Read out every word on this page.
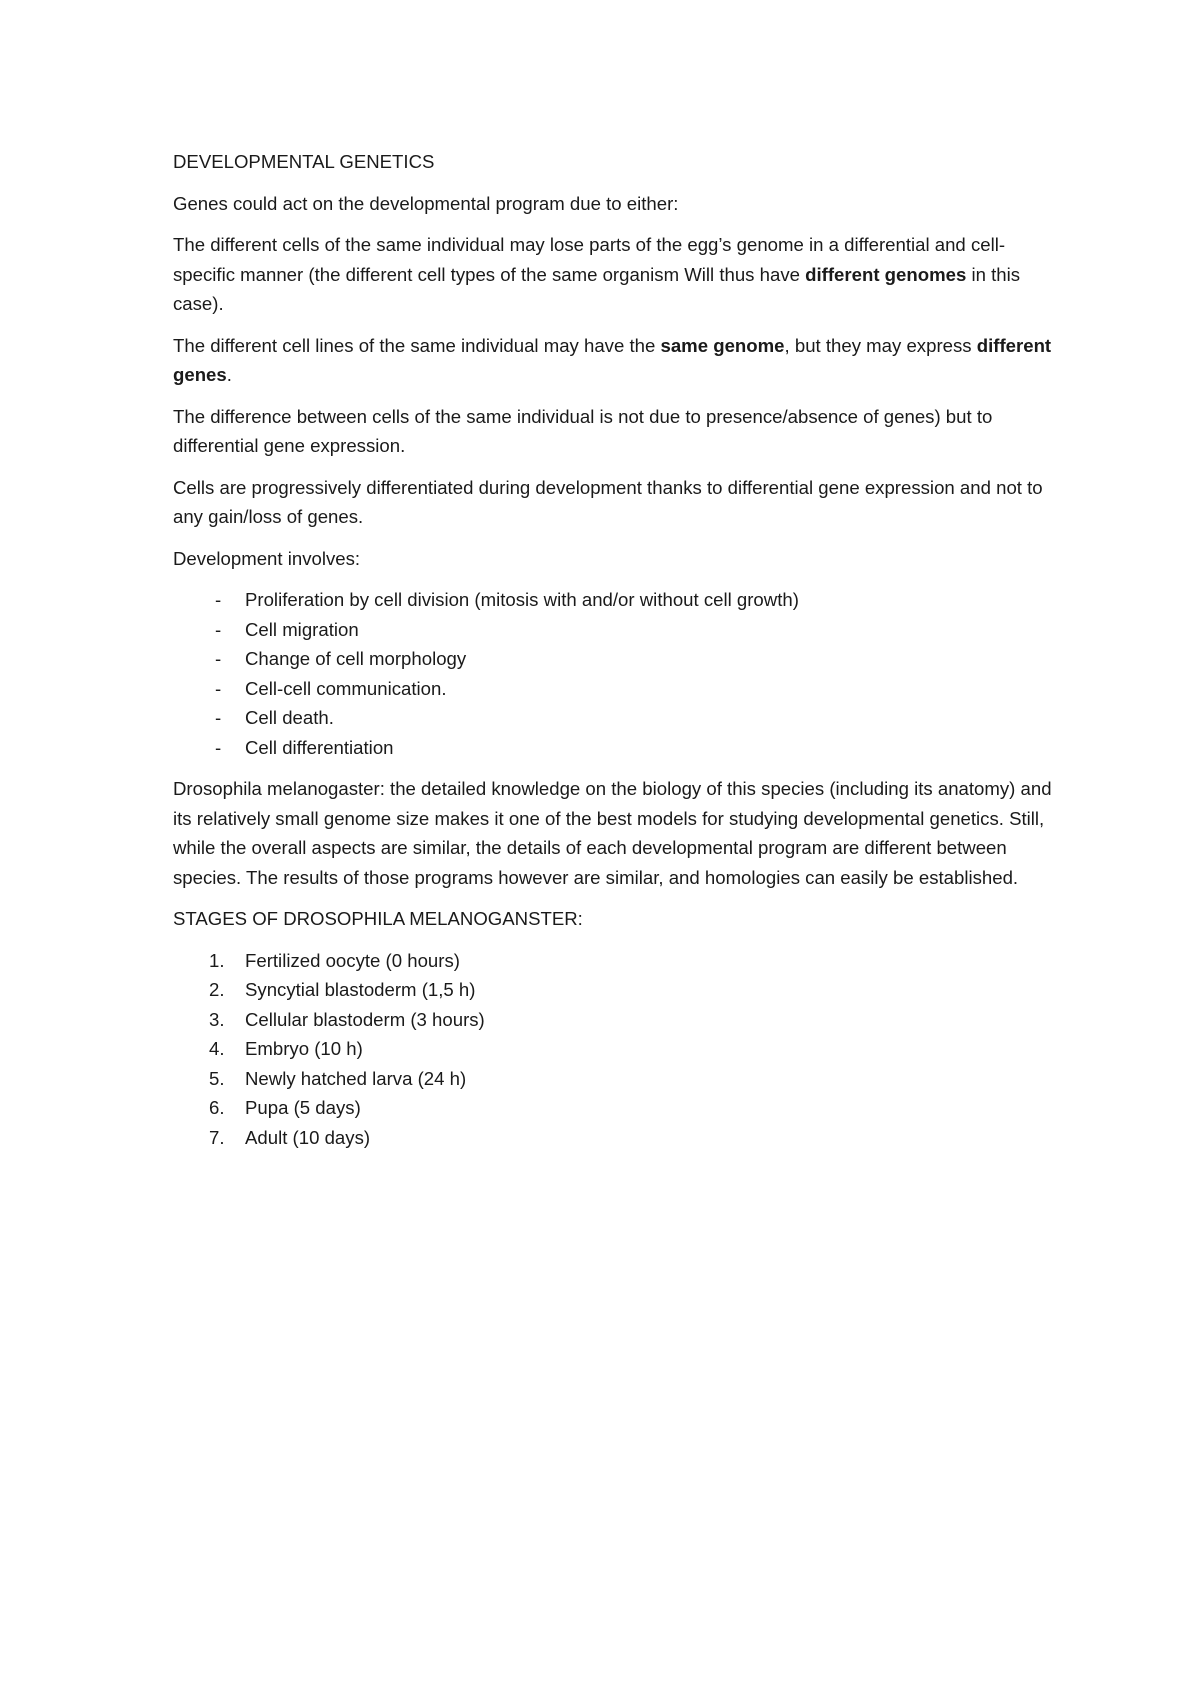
DEVELOPMENTAL GENETICS

Genes could act on the developmental program due to either:

The different cells of the same individual may lose parts of the egg’s genome in a differential and cell-specific manner (the different cell types of the same organism Will thus have different genomes in this case).

The different cell lines of the same individual may have the same genome, but they may express different genes.

The difference between cells of the same individual is not due to presence/absence of genes) but to differential gene expression.

Cells are progressively differentiated during development thanks to differential gene expression and not to any gain/loss of genes.

Development involves:

- Proliferation by cell division (mitosis with and/or without cell growth)
- Cell migration
- Change of cell morphology
- Cell-cell communication.
- Cell death.
- Cell differentiation

Drosophila melanogaster: the detailed knowledge on the biology of this species (including its anatomy) and its relatively small genome size makes it one of the best models for studying developmental genetics. Still, while the overall aspects are similar, the details of each developmental program are different between species. The results of those programs however are similar, and homologies can easily be established.

STAGES OF DROSOPHILA MELANOGANSTER:

1. Fertilized oocyte (0 hours)
2. Syncytial blastoderm (1,5 h)
3. Cellular blastoderm (3 hours)
4. Embryo (10 h)
5. Newly hatched larva (24 h)
6. Pupa (5 days)
7. Adult (10 days)
